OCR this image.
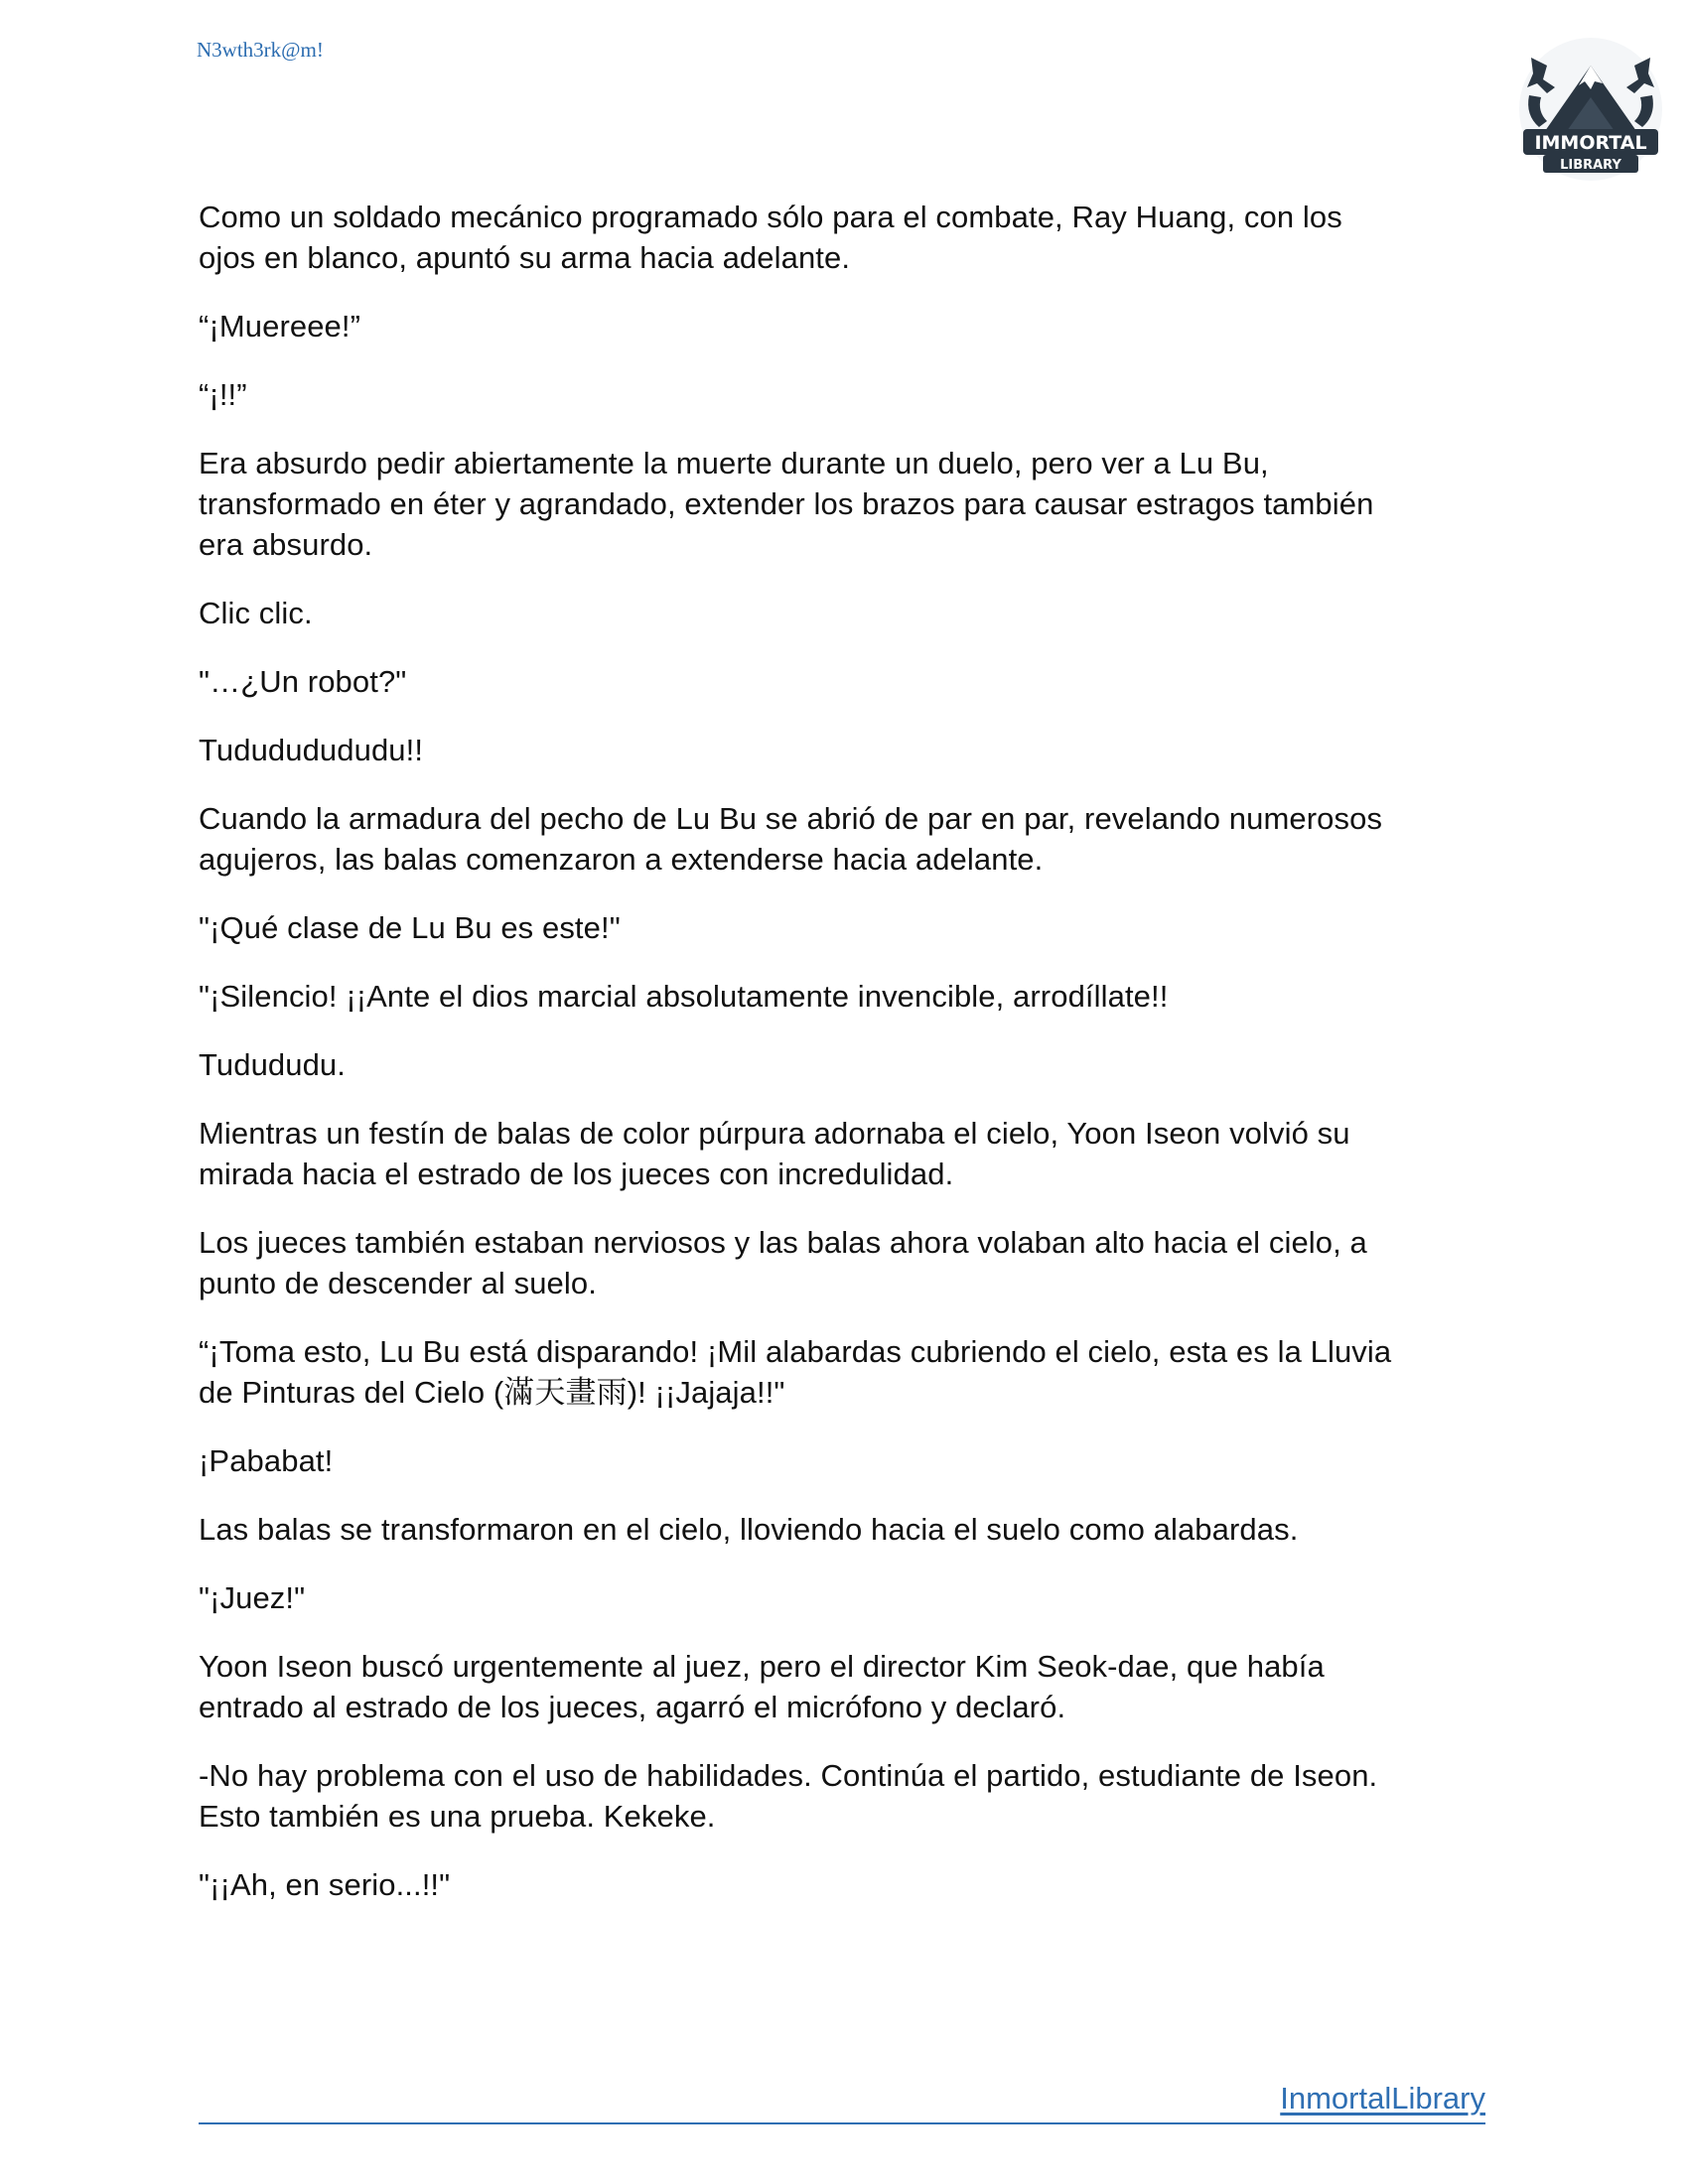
N3wth3rk@m!
IMMORTAL
LIBRARY

Como un soldado mecánico programado sólo para el combate, Ray Huang, con los
ojos en blanco, apuntó su arma hacia adelante.

“¡Muereee!”

“¡!!”

Era absurdo pedir abiertamente la muerte durante un duelo, pero ver a Lu Bu,
transformado en éter y agrandado, extender los brazos para causar estragos también
era absurdo.

Clic clic.

"…¿Un robot?"

Tudududududu!!

Cuando la armadura del pecho de Lu Bu se abrió de par en par, revelando numerosos
agujeros, las balas comenzaron a extenderse hacia adelante.

"¡Qué clase de Lu Bu es este!"

"¡Silencio! ¡¡Ante el dios marcial absolutamente invencible, arrodíllate!!

Tudududu.

Mientras un festín de balas de color púrpura adornaba el cielo, Yoon Iseon volvió su
mirada hacia el estrado de los jueces con incredulidad.

Los jueces también estaban nerviosos y las balas ahora volaban alto hacia el cielo, a
punto de descender al suelo.

“¡Toma esto, Lu Bu está disparando! ¡Mil alabardas cubriendo el cielo, esta es la Lluvia
de Pinturas del Cielo (滿天畫雨)! ¡¡Jajaja!!"

¡Pababat!

Las balas se transformaron en el cielo, lloviendo hacia el suelo como alabardas.

"¡Juez!"

Yoon Iseon buscó urgentemente al juez, pero el director Kim Seok-dae, que había
entrado al estrado de los jueces, agarró el micrófono y declaró.

-No hay problema con el uso de habilidades. Continúa el partido, estudiante de Iseon.
Esto también es una prueba. Kekeke.

"¡¡Ah, en serio...!!"

InmortalLibrary
